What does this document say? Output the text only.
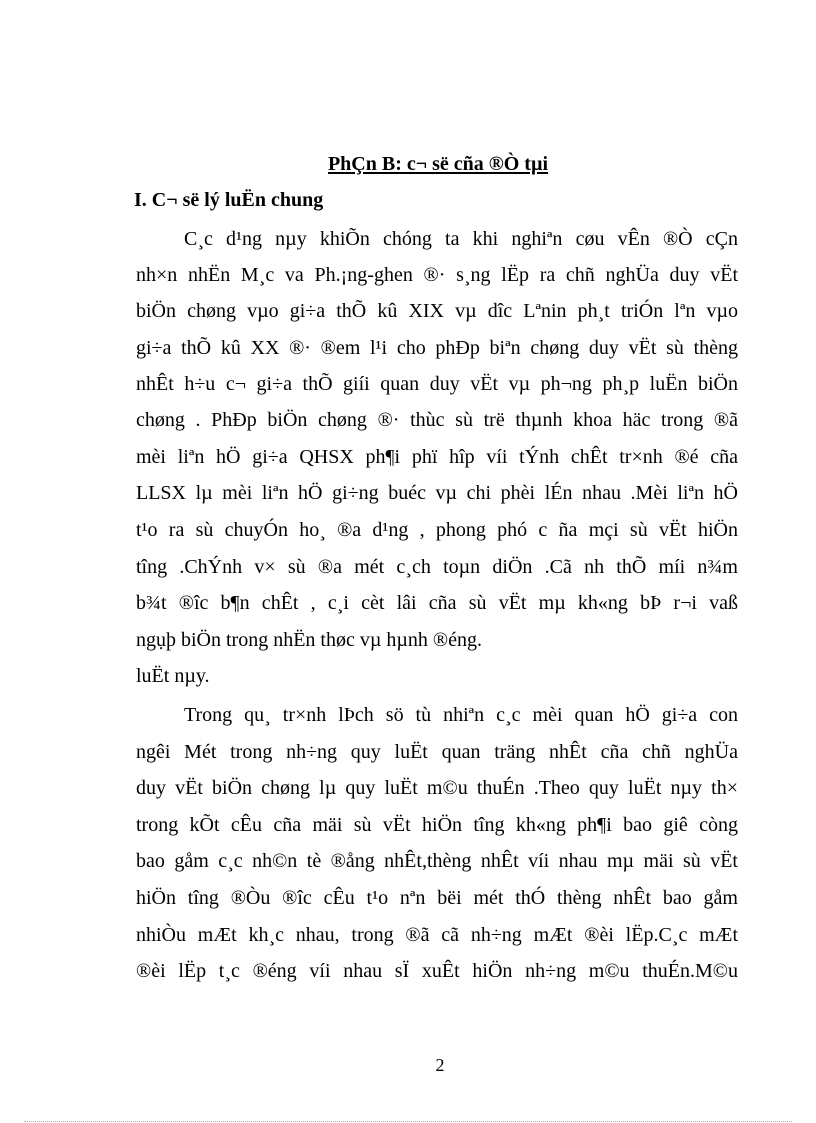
PhÇn B: c¬ së cña ®Ò tµi
I. C¬ së lý luËn chung
C¸c d¹ng nµy khiÕn chóng ta khi nghiªn cøu vÊn ®Ò cÇn
nh×n nhËn M¸c va Ph.¡ng-ghen ®· s¸ng lËp ra chñ nghÜa duy vËt
biÖn chøng vµo gi÷a thÕ kû XIX vµ dîc Lªnin ph¸t triÓn lªn vµo
gi÷a thÕ kû XX ®· ®em l¹i cho phÐp biªn chøng duy vËt sù thèng
nhÊt h÷u c¬ gi÷a thÕ giíi quan duy vËt vµ ph¬ng ph¸p luËn biÖn
chøng . PhÐp biÖn chøng ®· thùc sù trë thµnh khoa häc trong ®ã
mèi liªn hÖ gi÷a QHSX ph¶i phï hîp víi tÝnh chÊt tr×nh ®é cña
LLSX lµ mèi liªn hÖ gi÷ng buéc vµ chi phèi lÉn nhau .Mèi liªn hÖ
t¹o ra sù chuyÓn ho¸ ®a d¹ng , phong phó c ña mçi sù vËt hiÖn
tîng .ChÝnh v× sù ®a mét c¸ch toµn diÖn .Cã nh thÕ míi n¾m
b¾t ®îc b¶n chÊt , c¸i cèt lâi cña sù vËt mµ kh«ng bÞ r¬i vaß
ngụþ biÖn trong nhËn thøc vµ hµnh ®éng.
luËt nµy.
Trong qu¸ tr×nh lÞch sö tù nhiªn c¸c mèi quan hÖ gi÷a con
ngêi Mét trong nh÷ng quy luËt quan träng nhÊt cña chñ nghÜa
duy vËt biÖn chøng lµ quy luËt m©u thuÉn .Theo quy luËt nµy th×
trong kÕt cÊu cña mäi sù vËt hiÖn tîng kh«ng ph¶i bao giê còng
bao gåm c¸c nh©n tè ®ång nhÊt,thèng nhÊt víi nhau mµ mäi sù vËt
hiÖn tîng ®Òu ®îc cÊu t¹o nªn bëi mét thÓ thèng nhÊt bao gåm
nhiÒu mÆt kh¸c nhau, trong ®ã cã nh÷ng mÆt ®èi lËp.C¸c mÆt
®èi lËp t¸c ®éng víi nhau sÏ xuÊt hiÖn nh÷ng m©u thuÉn.M©u
2
